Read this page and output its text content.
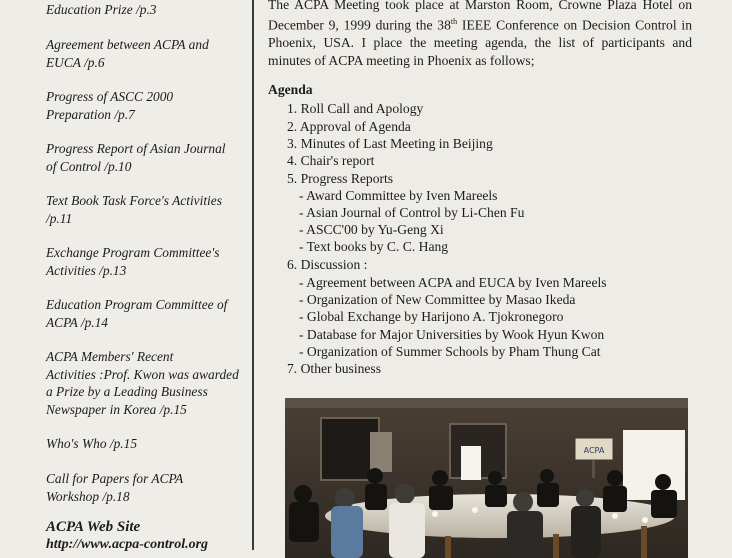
Education Prize /p.3
Agreement between ACPA and
EUCA /p.6
Progress of ASCC 2000
Preparation /p.7
Progress Report of Asian Journal
of Control /p.10
Text Book Task Force's Activities
/p.11
Exchange Program Committee's
Activities /p.13
Education Program Committee of
ACPA /p.14
ACPA Members' Recent
Activities :Prof. Kwon was awarded
a Prize by a Leading Business
Newspaper in Korea /p.15
Who's Who /p.15
Call for Papers for ACPA
Workshop /p.18
ACPA Web Site
http://www.acpa-control.org
The ACPA Meeting took place at Marston Room, Crowne Plaza Hotel on December 9, 1999 during the 38th IEEE Conference on Decision Control in Phoenix, USA. I place the meeting agenda, the list of participants and minutes of ACPA meeting in Phoenix as follows;
Agenda
1. Roll Call and Apology
2. Approval of Agenda
3. Minutes of Last Meeting in Beijing
4. Chair's report
5. Progress Reports
- Award Committee by Iven Mareels
- Asian Journal of Control by Li-Chen Fu
- ASCC'00 by Yu-Geng Xi
- Text books by C. C. Hang
6. Discussion :
- Agreement between ACPA and EUCA by Iven Mareels
- Organization of New Committee by Masao Ikeda
- Global Exchange by Harijono A. Tjokronegoro
- Database for Major Universities by Wook Hyun Kwon
- Organization of Summer Schools by Pham Thung Cat
7. Other business
ACPA
